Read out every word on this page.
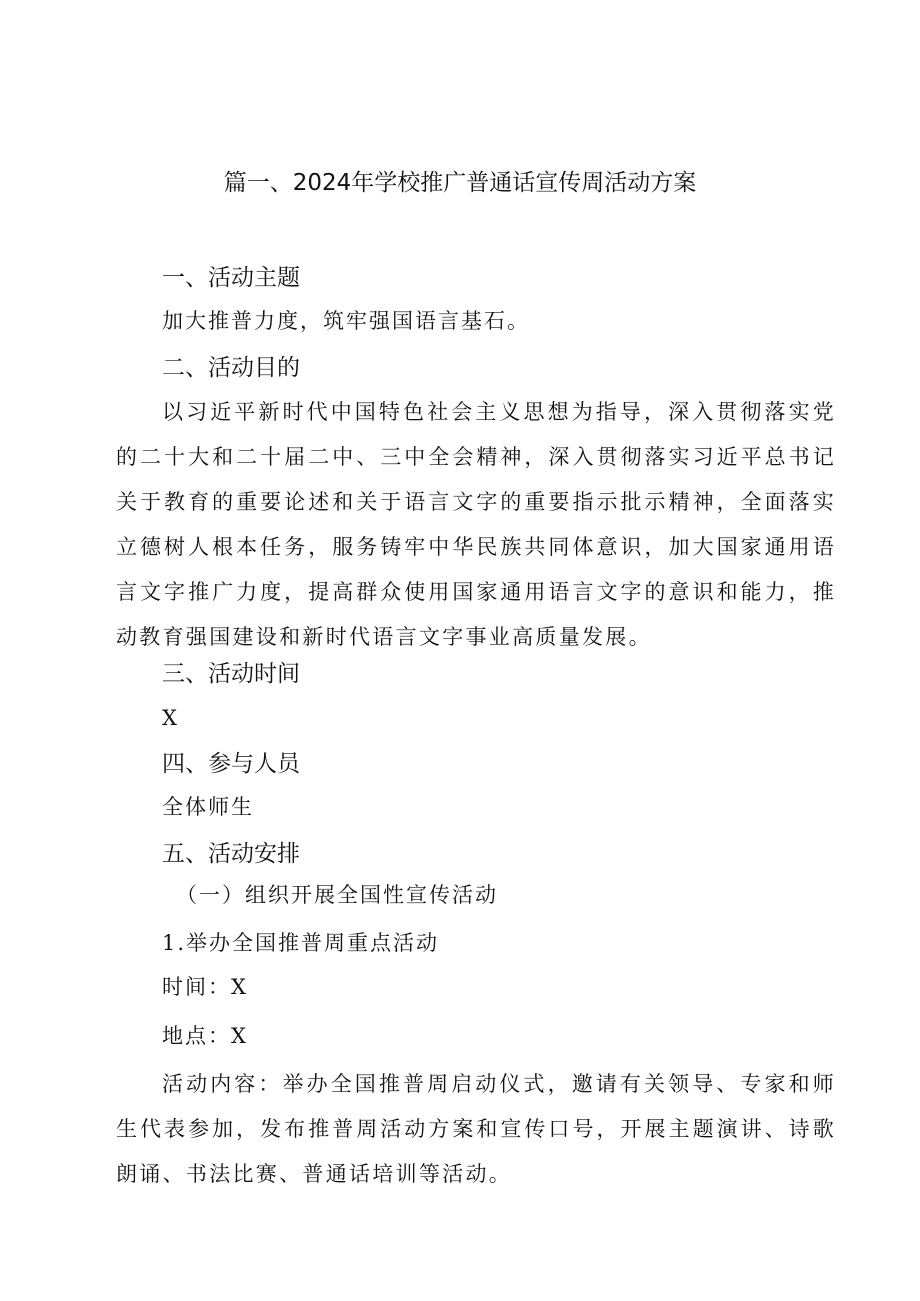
篇一、2024年学校推广普通话宣传周活动方案
一、活动主题

加大推普力度，筑牢强国语言基石。

二、活动目的

以习近平新时代中国特色社会主义思想为指导，深入贯彻落实党的二十大和二十届二中、三中全会精神，深入贯彻落实习近平总书记关于教育的重要论述和关于语言文字的重要指示批示精神，全面落实立德树人根本任务，服务铸牢中华民族共同体意识，加大国家通用语言文字推广力度，提高群众使用国家通用语言文字的意识和能力，推动教育强国建设和新时代语言文字事业高质量发展。

三、活动时间

X

四、参与人员

全体师生

五、活动安排

（一）组织开展全国性宣传活动

1.举办全国推普周重点活动

时间：X

地点：X

活动内容：举办全国推普周启动仪式，邀请有关领导、专家和师生代表参加，发布推普周活动方案和宣传口号，开展主题演讲、诗歌朗诵、书法比赛、普通话培训等活动。
